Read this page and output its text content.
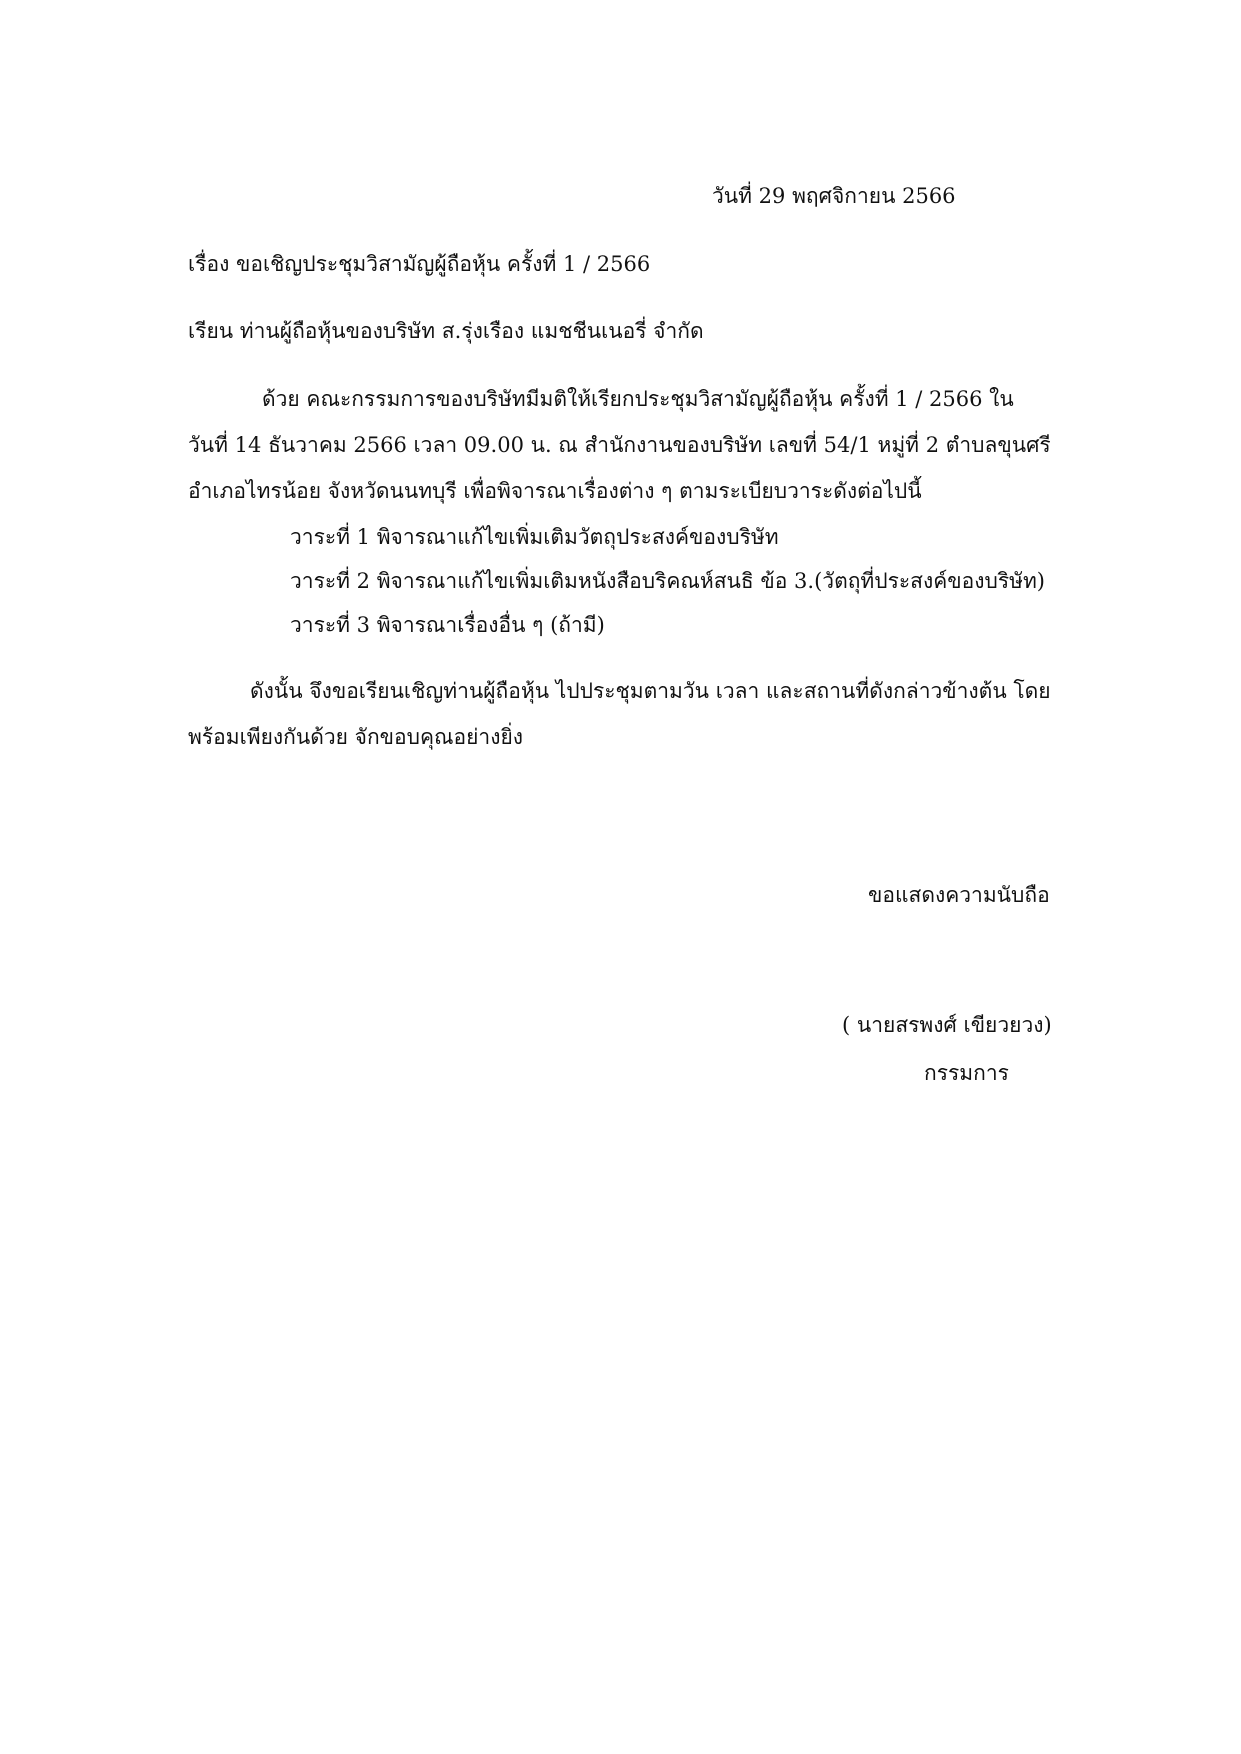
วันที่ 29 พฤศจิกายน 2566
เรื่อง ขอเชิญประชุมวิสามัญผู้ถือหุ้น ครั้งที่ 1 / 2566
เรียน ท่านผู้ถือหุ้นของบริษัท ส.รุ่งเรือง แมชชีนเนอรี่ จำกัด
ด้วย คณะกรรมการของบริษัทมีมติให้เรียกประชุมวิสามัญผู้ถือหุ้น ครั้งที่ 1 / 2566 ใน
วันที่ 14 ธันวาคม 2566 เวลา 09.00 น. ณ สำนักงานของบริษัท เลขที่ 54/1 หมู่ที่ 2 ตำบลขุนศรี
อำเภอไทรน้อย จังหวัดนนทบุรี เพื่อพิจารณาเรื่องต่าง ๆ ตามระเบียบวาระดังต่อไปนี้
วาระที่ 1 พิจารณาแก้ไขเพิ่มเติมวัตถุประสงค์ของบริษัท
วาระที่ 2 พิจารณาแก้ไขเพิ่มเติมหนังสือบริคณห์สนธิ ข้อ 3.(วัตถุที่ประสงค์ของบริษัท)
วาระที่ 3 พิจารณาเรื่องอื่น ๆ (ถ้ามี)
ดังนั้น จึงขอเรียนเชิญท่านผู้ถือหุ้น ไปประชุมตามวัน เวลา และสถานที่ดังกล่าวข้างต้น โดย
พร้อมเพียงกันด้วย จักขอบคุณอย่างยิ่ง
ขอแสดงความนับถือ
( นายสรพงศ์ เขียวยวง)
กรรมการ
